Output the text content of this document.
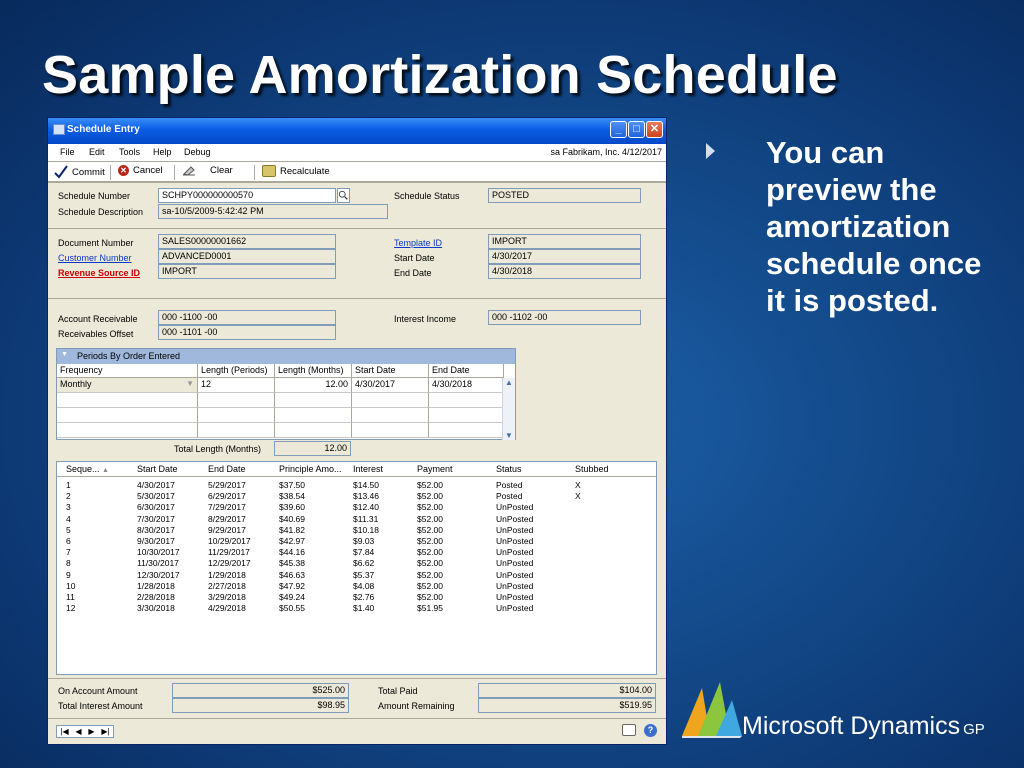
Sample Amortization Schedule
You can preview the amortization schedule once it is posted.
Microsoft Dynamics GP
Schedule Entry	_	□ ✕
File Edit Tools Help Debug	sa Fabrikam, Inc. 4/12/2017
Commit ✕ Cancel	Clear	Recalculate
Schedule Number	SCHPY000000000570
Schedule Description	sa-10/5/2009-5:42:42 PM
Schedule Status	POSTED
Document Number	SALES00000001662
Customer Number	ADVANCED0001
Revenue Source ID	IMPORT
Template ID	IMPORT
Start Date	4/30/2017
End Date	4/30/2018
Account Receivable	000 -1100 -00
Receivables Offset	000 -1101 -00
Interest Income	000 -1102 -00
▼ Periods By Order Entered
Frequency	Length (Periods)	Length (Months)	Start Date	End Date
Monthly	▼ 12	12.00 4/30/2017	4/30/2018	▲
▼
Total Length (Months)	12.00
Seque... ▲	Start Date	End Date	Principle Amo... Interest	Payment	Status	Stubbed
1	4/30/2017	5/29/2017	$37.50	$14.50	$52.00	Posted	X
2	5/30/2017	6/29/2017	$38.54	$13.46	$52.00	Posted	X
3	6/30/2017	7/29/2017	$39.60	$12.40	$52.00	UnPosted
4	7/30/2017	8/29/2017	$40.69	$11.31	$52.00	UnPosted
5	8/30/2017	9/29/2017	$41.82	$10.18	$52.00	UnPosted
6	9/30/2017	10/29/2017	$42.97	$9.03	$52.00	UnPosted
7	10/30/2017	11/29/2017	$44.16	$7.84	$52.00	UnPosted
8	11/30/2017	12/29/2017	$45.38	$6.62	$52.00	UnPosted
9	12/30/2017	1/29/2018	$46.63	$5.37	$52.00	UnPosted
10	1/28/2018	2/27/2018	$47.92	$4.08	$52.00	UnPosted
11	2/28/2018	3/29/2018	$49.24	$2.76	$52.00	UnPosted
12	3/30/2018	4/29/2018	$50.55	$1.40	$51.95	UnPosted
On Account Amount	$525.00
Total Interest Amount	$98.95
Total Paid	$104.00
Amount Remaining	$519.95
|◀ ◀ ▶ ▶|	?
